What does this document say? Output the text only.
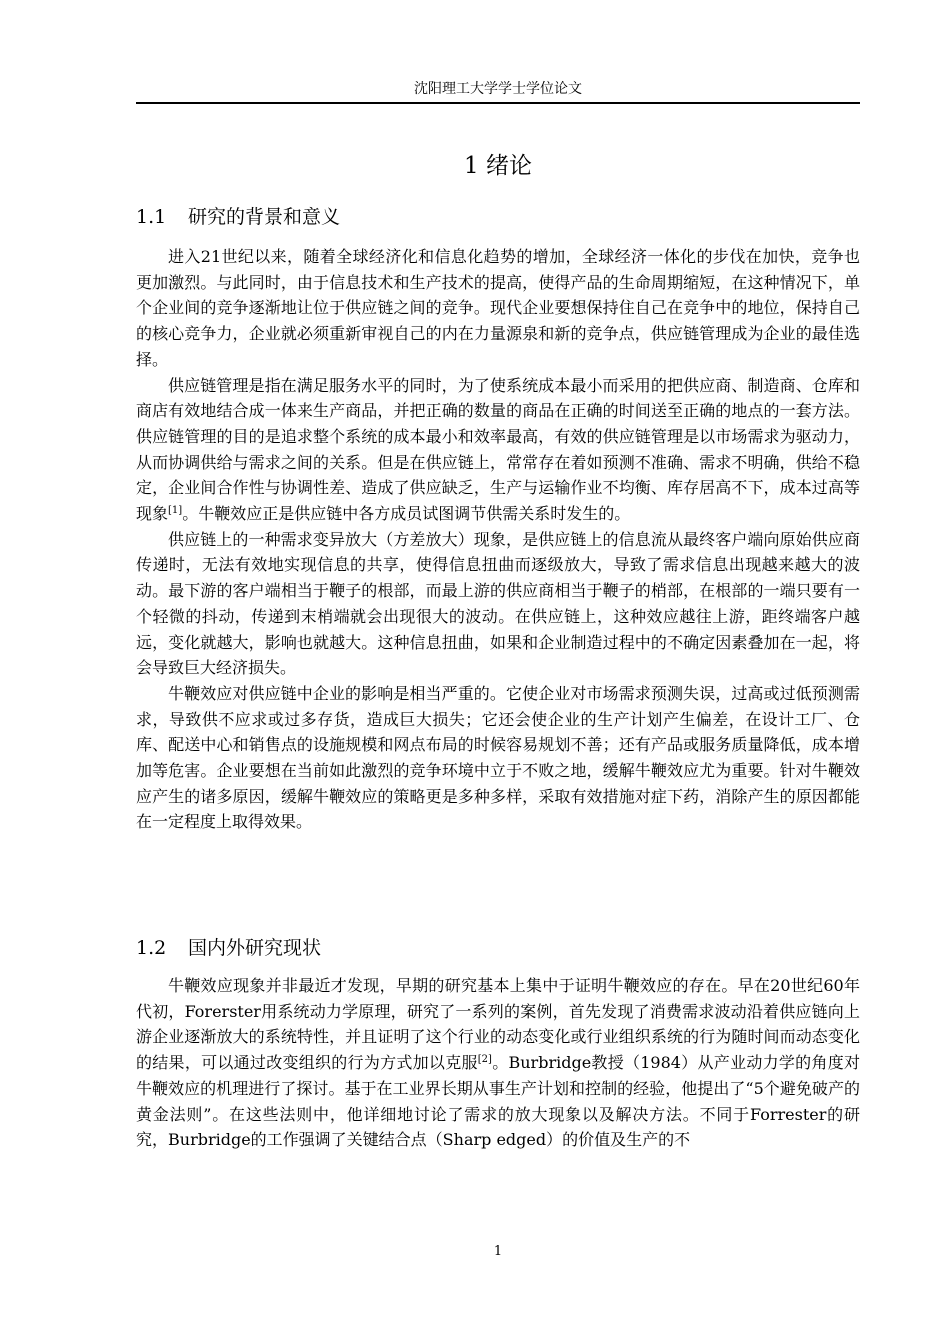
沈阳理工大学学士学位论文
1 绪论
1.1 研究的背景和意义

进入21世纪以来，随着全球经济化和信息化趋势的增加，全球经济一体化的步伐在加快，竞争也更加激烈。与此同时，由于信息技术和生产技术的提高，使得产品的生命周期缩短，在这种情况下，单个企业间的竞争逐渐地让位于供应链之间的竞争。现代企业要想保持住自己在竞争中的地位，保持自己的核心竞争力，企业就必须重新审视自己的内在力量源泉和新的竞争点，供应链管理成为企业的最佳选择。

供应链管理是指在满足服务水平的同时，为了使系统成本最小而采用的把供应商、制造商、仓库和商店有效地结合成一体来生产商品，并把正确的数量的商品在正确的时间送至正确的地点的一套方法。供应链管理的目的是追求整个系统的成本最小和效率最高，有效的供应链管理是以市场需求为驱动力，从而协调供给与需求之间的关系。但是在供应链上，常常存在着如预测不准确、需求不明确，供给不稳定，企业间合作性与协调性差、造成了供应缺乏，生产与运输作业不均衡、库存居高不下，成本过高等现象[1]。牛鞭效应正是供应链中各方成员试图调节供需关系时发生的。

供应链上的一种需求变异放大（方差放大）现象，是供应链上的信息流从最终客户端向原始供应商传递时，无法有效地实现信息的共享，使得信息扭曲而逐级放大，导致了需求信息出现越来越大的波动。最下游的客户端相当于鞭子的根部，而最上游的供应商相当于鞭子的梢部，在根部的一端只要有一个轻微的抖动，传递到末梢端就会出现很大的波动。在供应链上，这种效应越往上游，距终端客户越远，变化就越大，影响也就越大。这种信息扭曲，如果和企业制造过程中的不确定因素叠加在一起，将会导致巨大经济损失。

牛鞭效应对供应链中企业的影响是相当严重的。它使企业对市场需求预测失误，过高或过低预测需求，导致供不应求或过多存货，造成巨大损失；它还会使企业的生产计划产生偏差，在设计工厂、仓库、配送中心和销售点的设施规模和网点布局的时候容易规划不善；还有产品或服务质量降低，成本增加等危害。企业要想在当前如此激烈的竞争环境中立于不败之地，缓解牛鞭效应尤为重要。针对牛鞭效应产生的诸多原因，缓解牛鞭效应的策略更是多种多样，采取有效措施对症下药，消除产生的原因都能在一定程度上取得效果。

1.2 国内外研究现状

牛鞭效应现象并非最近才发现，早期的研究基本上集中于证明牛鞭效应的存在。早在20世纪60年代初，Forerster用系统动力学原理，研究了一系列的案例，首先发现了消费需求波动沿着供应链向上游企业逐渐放大的系统特性，并且证明了这个行业的动态变化或行业组织系统的行为随时间而动态变化的结果，可以通过改变组织的行为方式加以克服[2]。Burbridge教授（1984）从产业动力学的角度对牛鞭效应的机理进行了探讨。基于在工业界长期从事生产计划和控制的经验，他提出了“5个避免破产的黄金法则”。在这些法则中，他详细地讨论了需求的放大现象以及解决方法。不同于Forrester的研究，Burbridge的工作强调了关键结合点（Sharp edged）的价值及生产的不

1
